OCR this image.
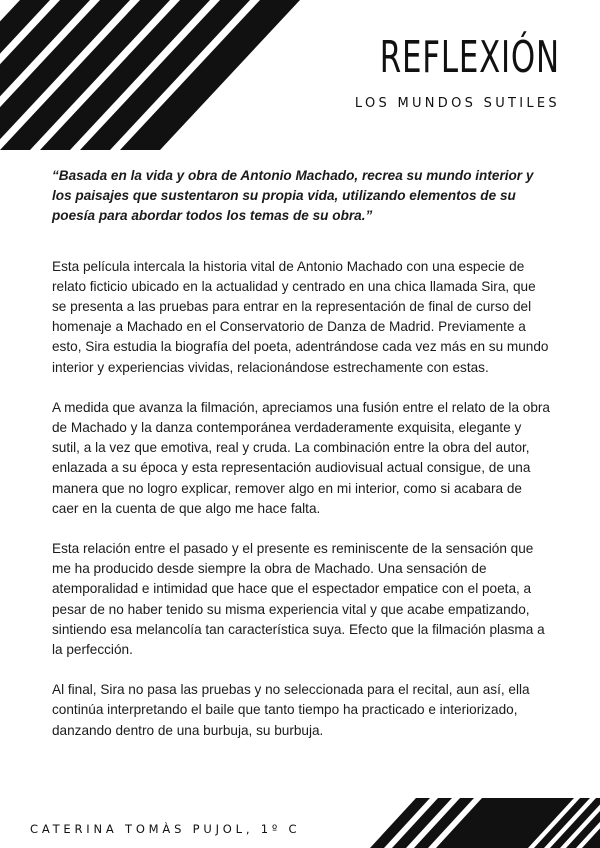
REFLEXIÓN
LOS MUNDOS SUTILES

“Basada en la vida y obra de Antonio Machado, recrea su mundo interior y los paisajes que sustentaron su propia vida, utilizando elementos de su poesía para abordar todos los temas de su obra.”

Esta película intercala la historia vital de Antonio Machado con una especie de relato ficticio ubicado en la actualidad y centrado en una chica llamada Sira, que se presenta a las pruebas para entrar en la representación de final de curso del homenaje a Machado en el Conservatorio de Danza de Madrid. Previamente a esto, Sira estudia la biografía del poeta, adentrándose cada vez más en su mundo interior y experiencias vividas, relacionándose estrechamente con estas.

A medida que avanza la filmación, apreciamos una fusión entre el relato de la obra de Machado y la danza contemporánea verdaderamente exquisita, elegante y sutil, a la vez que emotiva, real y cruda. La combinación entre la obra del autor, enlazada a su época y esta representación audiovisual actual consigue, de una manera que no logro explicar, remover algo en mi interior, como si acabara de caer en la cuenta de que algo me hace falta.

Esta relación entre el pasado y el presente es reminiscente de la sensación que me ha producido desde siempre la obra de Machado. Una sensación de atemporalidad e intimidad que hace que el espectador empatice con el poeta, a pesar de no haber tenido su misma experiencia vital y que acabe empatizando, sintiendo esa melancolía tan característica suya. Efecto que la filmación plasma a la perfección.

Al final, Sira no pasa las pruebas y no seleccionada para el recital, aun así, ella continúa interpretando el baile que tanto tiempo ha practicado e interiorizado, danzando dentro de una burbuja, su burbuja.

CATERINA TOMÀS PUJOL, 1º C
